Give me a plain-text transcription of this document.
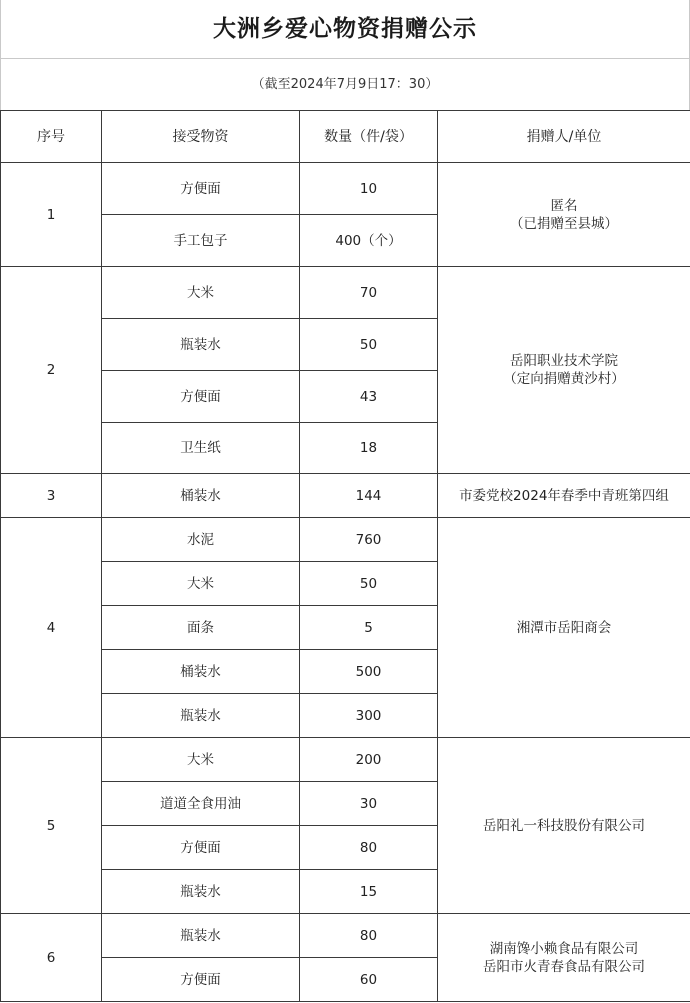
大洲乡爱心物资捐赠公示
（截至2024年7月9日17：30）
序号	接受物资	数量（件/袋）	捐赠人/单位
1	方便面	10	匿名
（已捐赠至县城）

	手工包子	400（个）	
2	大米	70	岳阳职业技术学院
（定向捐赠黄沙村）

	瓶装水	50	
	方便面	43	
	卫生纸	18	
3	桶装水	144	市委党校2024年春季中青班第四组

4	水泥	760	湘潭市岳阳商会

	大米	50	
	面条	5	
	桶装水	500	
	瓶装水	300	
5	大米	200	岳阳礼一科技股份有限公司

	道道全食用油	30	
	方便面	80	
	瓶装水	15	
6	瓶装水	80	湖南馋小赖食品有限公司
岳阳市火青春食品有限公司

	方便面	60	
